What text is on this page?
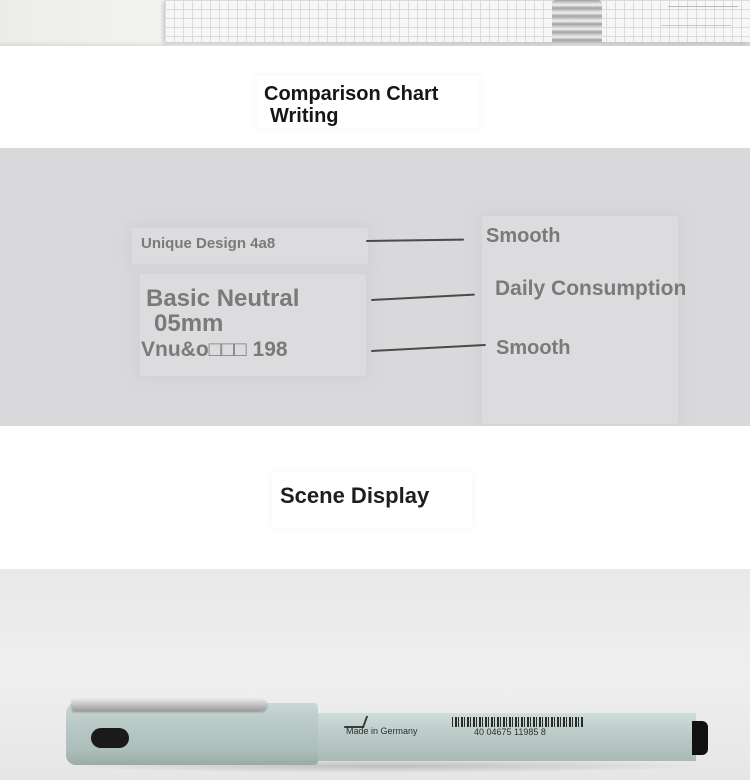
Comparison Chart
Writing
Unique Design 4a8	Smooth
Basic Neutral
05mm
Daily Consumption
Vnu&o□□□ 198	Smooth
Scene Display
Made in Germany	40 04675 11985 8
